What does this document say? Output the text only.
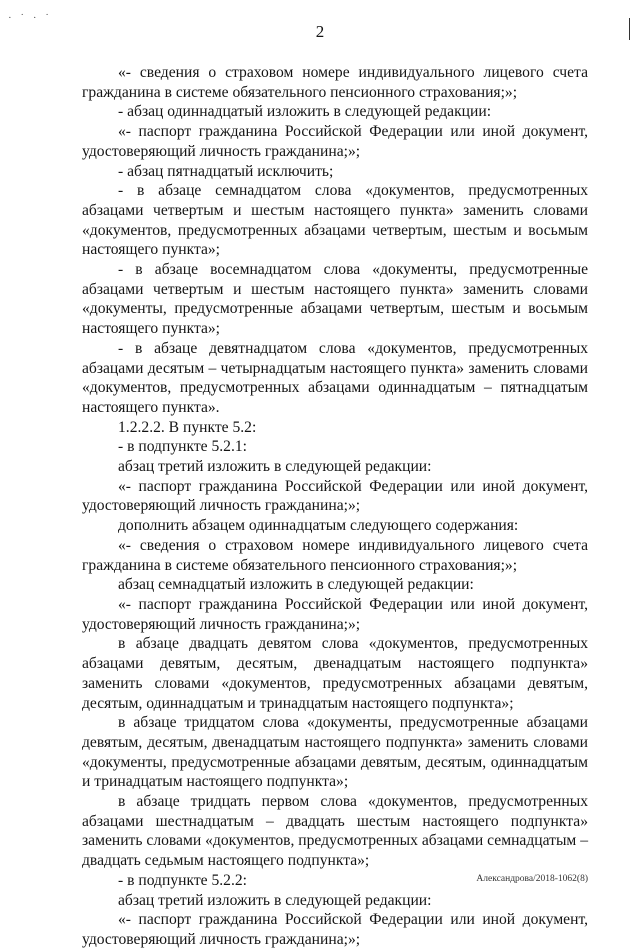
· ˙ · ˙
2

«- сведения о страховом номере индивидуального лицевого счета гражданина в системе обязательного пенсионного страхования;»;

- абзац одиннадцатый изложить в следующей редакции:

«- паспорт гражданина Российской Федерации или иной документ, удостоверяющий личность гражданина;»;

- абзац пятнадцатый исключить;

- в абзаце семнадцатом слова «документов, предусмотренных абзацами четвертым и шестым настоящего пункта» заменить словами «документов, предусмотренных абзацами четвертым, шестым и восьмым настоящего пункта»;

- в абзаце восемнадцатом слова «документы, предусмотренные абзацами четвертым и шестым настоящего пункта» заменить словами «документы, предусмотренные абзацами четвертым, шестым и восьмым настоящего пункта»;

- в абзаце девятнадцатом слова «документов, предусмотренных абзацами десятым – четырнадцатым настоящего пункта» заменить словами «документов, предусмотренных абзацами одиннадцатым – пятнадцатым настоящего пункта».

1.2.2.2. В пункте 5.2:

- в подпункте 5.2.1:

абзац третий изложить в следующей редакции:

«- паспорт гражданина Российской Федерации или иной документ, удостоверяющий личность гражданина;»;

дополнить абзацем одиннадцатым следующего содержания:

«- сведения о страховом номере индивидуального лицевого счета гражданина в системе обязательного пенсионного страхования;»;

абзац семнадцатый изложить в следующей редакции:

«- паспорт гражданина Российской Федерации или иной документ, удостоверяющий личность гражданина;»;

в абзаце двадцать девятом слова «документов, предусмотренных абзацами девятым, десятым, двенадцатым настоящего подпункта» заменить словами «документов, предусмотренных абзацами девятым, десятым, одиннадцатым и тринадцатым настоящего подпункта»;

в абзаце тридцатом слова «документы, предусмотренные абзацами девятым, десятым, двенадцатым настоящего подпункта» заменить словами «документы, предусмотренные абзацами девятым, десятым, одиннадцатым и тринадцатым настоящего подпункта»;

в абзаце тридцать первом слова «документов, предусмотренных абзацами шестнадцатым – двадцать шестым настоящего подпункта» заменить словами «документов, предусмотренных абзацами семнадцатым – двадцать седьмым настоящего подпункта»;

- в подпункте 5.2.2:

абзац третий изложить в следующей редакции:

«- паспорт гражданина Российской Федерации или иной документ, удостоверяющий личность гражданина;»;

Александрова/2018-1062(8)
